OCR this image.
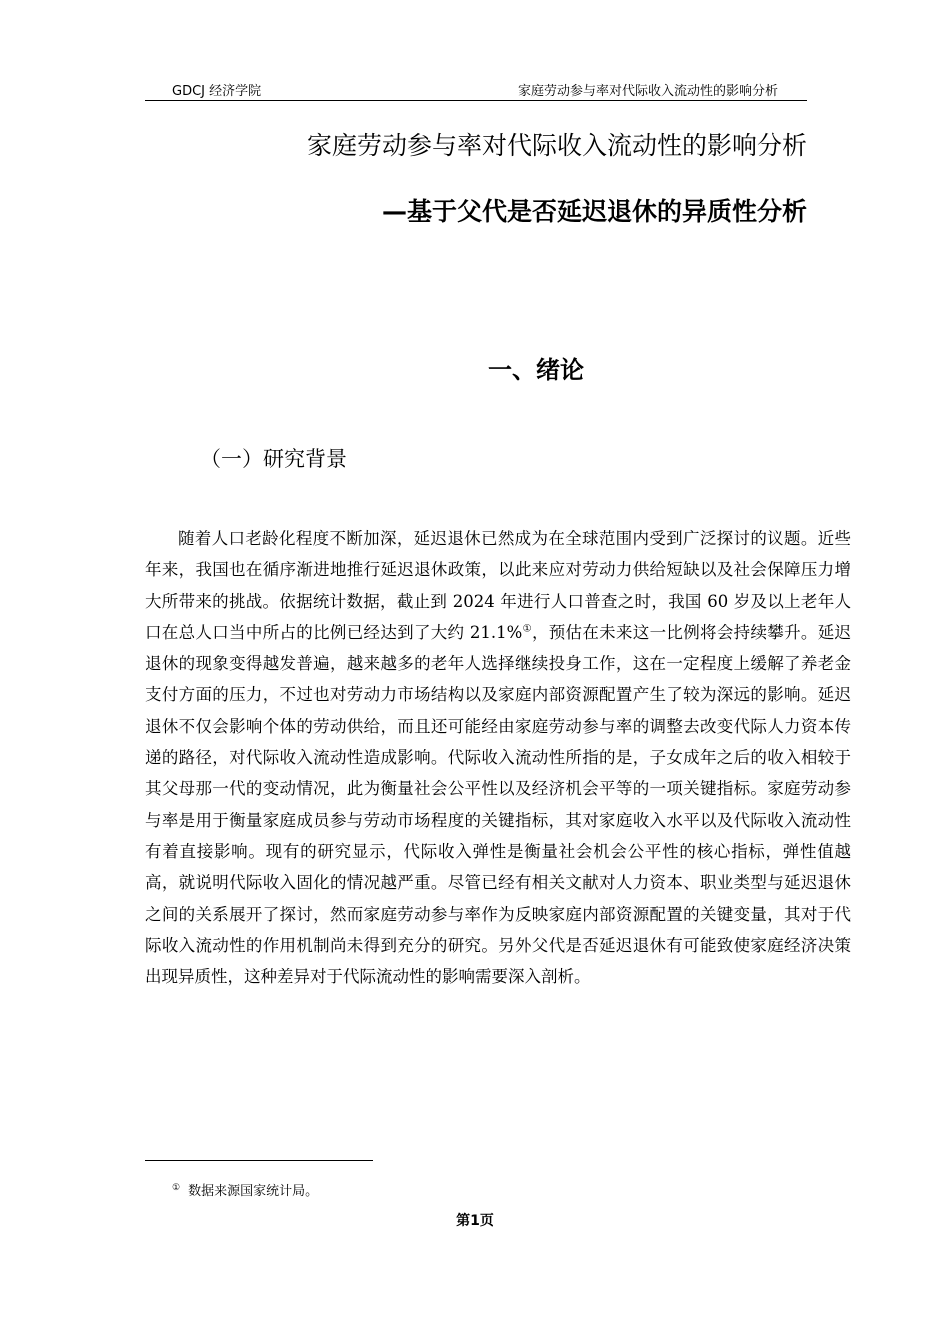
GDCJ 经济学院	家庭劳动参与率对代际收入流动性的影响分析
家庭劳动参与率对代际收入流动性的影响分析
—基于父代是否延迟退休的异质性分析
一、绪论
（一）研究背景

随着人口老龄化程度不断加深，延迟退休已然成为在全球范围内受到广泛探讨的议题。近些年来，我国也在循序渐进地推行延迟退休政策，以此来应对劳动力供给短缺以及社会保障压力增大所带来的挑战。依据统计数据，截止到 2024 年进行人口普查之时，我国 60 岁及以上老年人口在总人口当中所占的比例已经达到了大约 21.1%①，预估在未来这一比例将会持续攀升。延迟退休的现象变得越发普遍，越来越多的老年人选择继续投身工作，这在一定程度上缓解了养老金支付方面的压力，不过也对劳动力市场结构以及家庭内部资源配置产生了较为深远的影响。延迟退休不仅会影响个体的劳动供给，而且还可能经由家庭劳动参与率的调整去改变代际人力资本传递的路径，对代际收入流动性造成影响。代际收入流动性所指的是，子女成年之后的收入相较于其父母那一代的变动情况，此为衡量社会公平性以及经济机会平等的一项关键指标。家庭劳动参与率是用于衡量家庭成员参与劳动市场程度的关键指标，其对家庭收入水平以及代际收入流动性有着直接影响。现有的研究显示，代际收入弹性是衡量社会机会公平性的核心指标，弹性值越高，就说明代际收入固化的情况越严重。尽管已经有相关文献对人力资本、职业类型与延迟退休之间的关系展开了探讨，然而家庭劳动参与率作为反映家庭内部资源配置的关键变量，其对于代际收入流动性的作用机制尚未得到充分的研究。另外父代是否延迟退休有可能致使家庭经济决策出现异质性，这种差异对于代际流动性的影响需要深入剖析。

① 数据来源国家统计局。
第1页
